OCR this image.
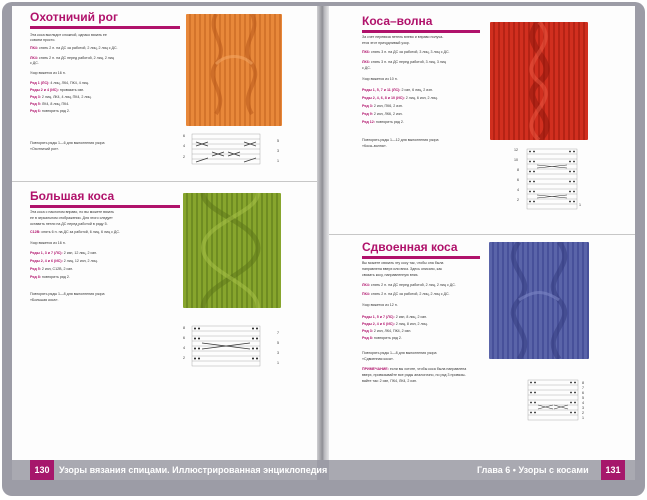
Охотничий рог
Эта коса выглядит сложной, однако вязать ее
совсем просто.
ПК4: снять 2 п. на ДС за работой, 2 лиц, 2 лиц с ДС.
ЛК4: снять 2 п. на ДС перед работой, 2 лиц, 2 лиц
с ДС.
Узор вяжется из 16 п.
Ряд 1 (ЛС): 4 лиц, ЛК4, ПК4, 4 лиц.
Ряды 2 и 4 (ИС): провязать изн.
Ряд 3: 2 лиц, ЛК4, 4 лиц, ПК4, 2 лиц.
Ряд 5: ЛК4, 8 лиц, ПК4.
Ряд 6: повторить ряд 2.
Повторять ряды 1—6 для выполнения узора
«Охотничий рог».
6
4
5
3
2
1
Большая коса
Эта коса с наклоном вправо, но вы можете вязать
ее в зеркальном отображении. Для этого следует
оставить петли на ДС перед работой в ряду 5.
С12В: снять 6 п. на ДС за работой, 6 лиц, 6 лиц с ДС.
Узор вяжется из 16 п.
Ряды 1, 3 и 7 (ЛС): 2 изн, 12 лиц, 2 изн.
Ряды 2, 4 и 6 (ИС): 2 лиц, 12 изн, 2 лиц.
Ряд 5: 2 изн, С12В, 2 изн.
Ряд 8: повторить ряд 2.
Повторять ряды 1—8 для выполнения узора
«Большая коса».
8
7
6
5
4
3
2
1
Коса–волна
За счет перевяза петель влево и вправо получа-
ется этот причудливый узор.
ПК6: снять 3 п. на ДС за работой, 3 лиц, 3 лиц с ДС.
ЛК6: снять 3 п. на ДС перед работой, 3 лиц, 3 лиц
с ДС.
Узор вяжется из 10 п.
Ряды 1, 5, 7 и 11 (ЛС): 2 изн, 6 лиц, 2 изн.
Ряды 2, 4, 6, 8 и 10 (ИС): 2 лиц, 6 изн, 2 лиц.
Ряд 3: 2 изн, ПК6, 2 изн.
Ряд 9: 2 изн, ЛК6, 2 изн.
Ряд 12: повторить ряд 2.
Повторять ряды 1—12 для выполнения узора
«Коса–волна».
12
10
8
6
4
2
1
Сдвоенная коса
Вы можете связать эту косу так, чтобы она была
направлена вверх или вниз. Здесь описано, как
связать косу, направленную вниз.
ЛК4: снять 2 п. на ДС перед работой, 2 лиц, 2 лиц с ДС.
ПК4: снять 2 п. на ДС за работой, 2 лиц, 2 лиц с ДС.
Узор вяжется из 12 п.
Ряды 1, 5 и 7 (ЛС): 2 изн, 8 лиц, 2 изн.
Ряды 2, 4 и 6 (ИС): 2 лиц, 8 изн, 2 лиц.
Ряд 3: 2 изн, ЛК4, ПК4, 2 изн.
Ряд 8: повторить ряд 2.
Повторять ряды 1—8 для выполнения узора
«Сдвоенная коса».
ПРИМЕЧАНИЕ: если вы хотите, чтобы коса была направлена
вверх, провязывайте все ряды аналогично, но ряд 3 провязы-
вайте так: 2 изн, ПК4, ЛК4, 2 изн.	8
7
6
5
4
3
2
1
130	Узоры вязания спицами. Иллюстрированная энциклопедия	Глава 6 • Узоры с косами	131
